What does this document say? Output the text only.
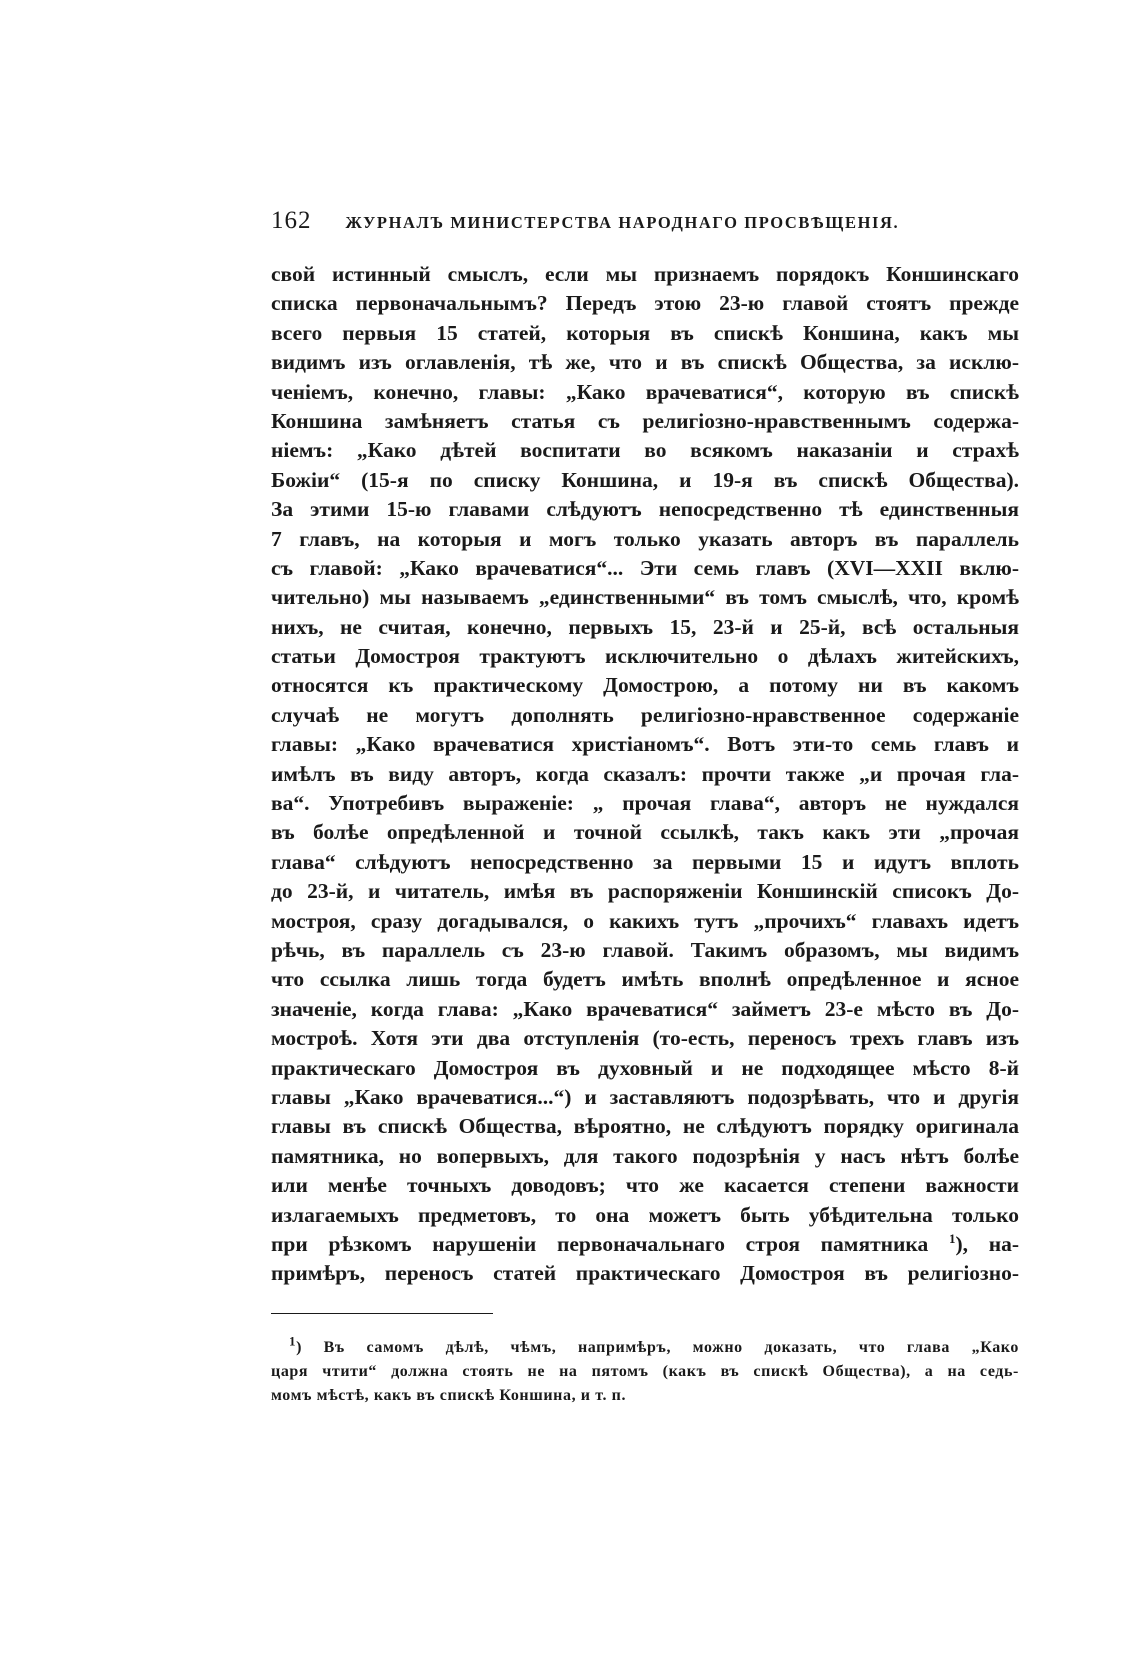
162 ЖУРНАЛЪ МИНИСТЕРСТВА НАРОДНАГО ПРОСВѢЩЕНІЯ.
свой истинный смыслъ, если мы признаемъ порядокъ Коншинскаго
списка первоначальнымъ? Передъ этою 23-ю главой стоятъ прежде
всего первыя 15 статей, которыя въ спискѣ Коншина, какъ мы
видимъ изъ оглавленія, тѣ же, что и въ спискѣ Общества, за исклю-
ченіемъ, конечно, главы: „Како врачеватися“, которую въ спискѣ
Коншина замѣняетъ статья съ религіозно-нравственнымъ содержа-
ніемъ: „Како дѣтей воспитати во всякомъ наказаніи и страхѣ
Божіи“ (15-я по списку Коншина, и 19-я въ спискѣ Общества).
За этими 15-ю главами слѣдуютъ непосредственно тѣ единственныя
7 главъ, на которыя и могъ только указать авторъ въ параллель
съ главой: „Како врачеватися“... Эти семь главъ (XVI—XXII вклю-
чительно) мы называемъ „единственными“ въ томъ смыслѣ, что, кромѣ
нихъ, не считая, конечно, первыхъ 15, 23-й и 25-й, всѣ остальныя
статьи Домостроя трактуютъ исключительно о дѣлахъ житейскихъ,
относятся къ практическому Домострою, а потому ни въ какомъ
случаѣ не могутъ дополнять религіозно-нравственное содержаніе
главы: „Како врачеватися христіаномъ“. Вотъ эти-то семь главъ и
имѣлъ въ виду авторъ, когда сказалъ: прочти также „и прочая гла-
ва“. Употребивъ выраженіе: „ прочая глава“, авторъ не нуждался
въ болѣе опредѣленной и точной ссылкѣ, такъ какъ эти „прочая
глава“ слѣдуютъ непосредственно за первыми 15 и идутъ вплоть
до 23-й, и читатель, имѣя въ распоряженіи Коншинскій списокъ До-
мостроя, сразу догадывался, о какихъ тутъ „прочихъ“ главахъ идетъ
рѣчь, въ параллель съ 23-ю главой. Такимъ образомъ, мы видимъ
что ссылка лишь тогда будетъ имѣть вполнѣ опредѣленное и ясное
значеніе, когда глава: „Како врачеватися“ займетъ 23-е мѣсто въ До-
мостроѣ. Хотя эти два отступленія (то-есть, переносъ трехъ главъ изъ
практическаго Домостроя въ духовный и не подходящее мѣсто 8-й
главы „Како врачеватися...“) и заставляютъ подозрѣвать, что и другія
главы въ спискѣ Общества, вѣроятно, не слѣдуютъ порядку оригинала
памятника, но вопервыхъ, для такого подозрѣнія у насъ нѣтъ болѣе
или менѣе точныхъ доводовъ; что же касается степени важности
излагаемыхъ предметовъ, то она можетъ быть убѣдительна только
при рѣзкомъ нарушеніи первоначальнаго строя памятника $^1$), на-
примѣръ, переносъ статей практическаго Домостроя въ религіозно-
$^1$) Въ самомъ дѣлѣ, чѣмъ, напримѣръ, можно доказать, что глава „Како
царя чтити“ должна стоять не на пятомъ (какъ въ спискѣ Общества), а на седь-
момъ мѣстѣ, какъ въ спискѣ Коншина, и т. п.
